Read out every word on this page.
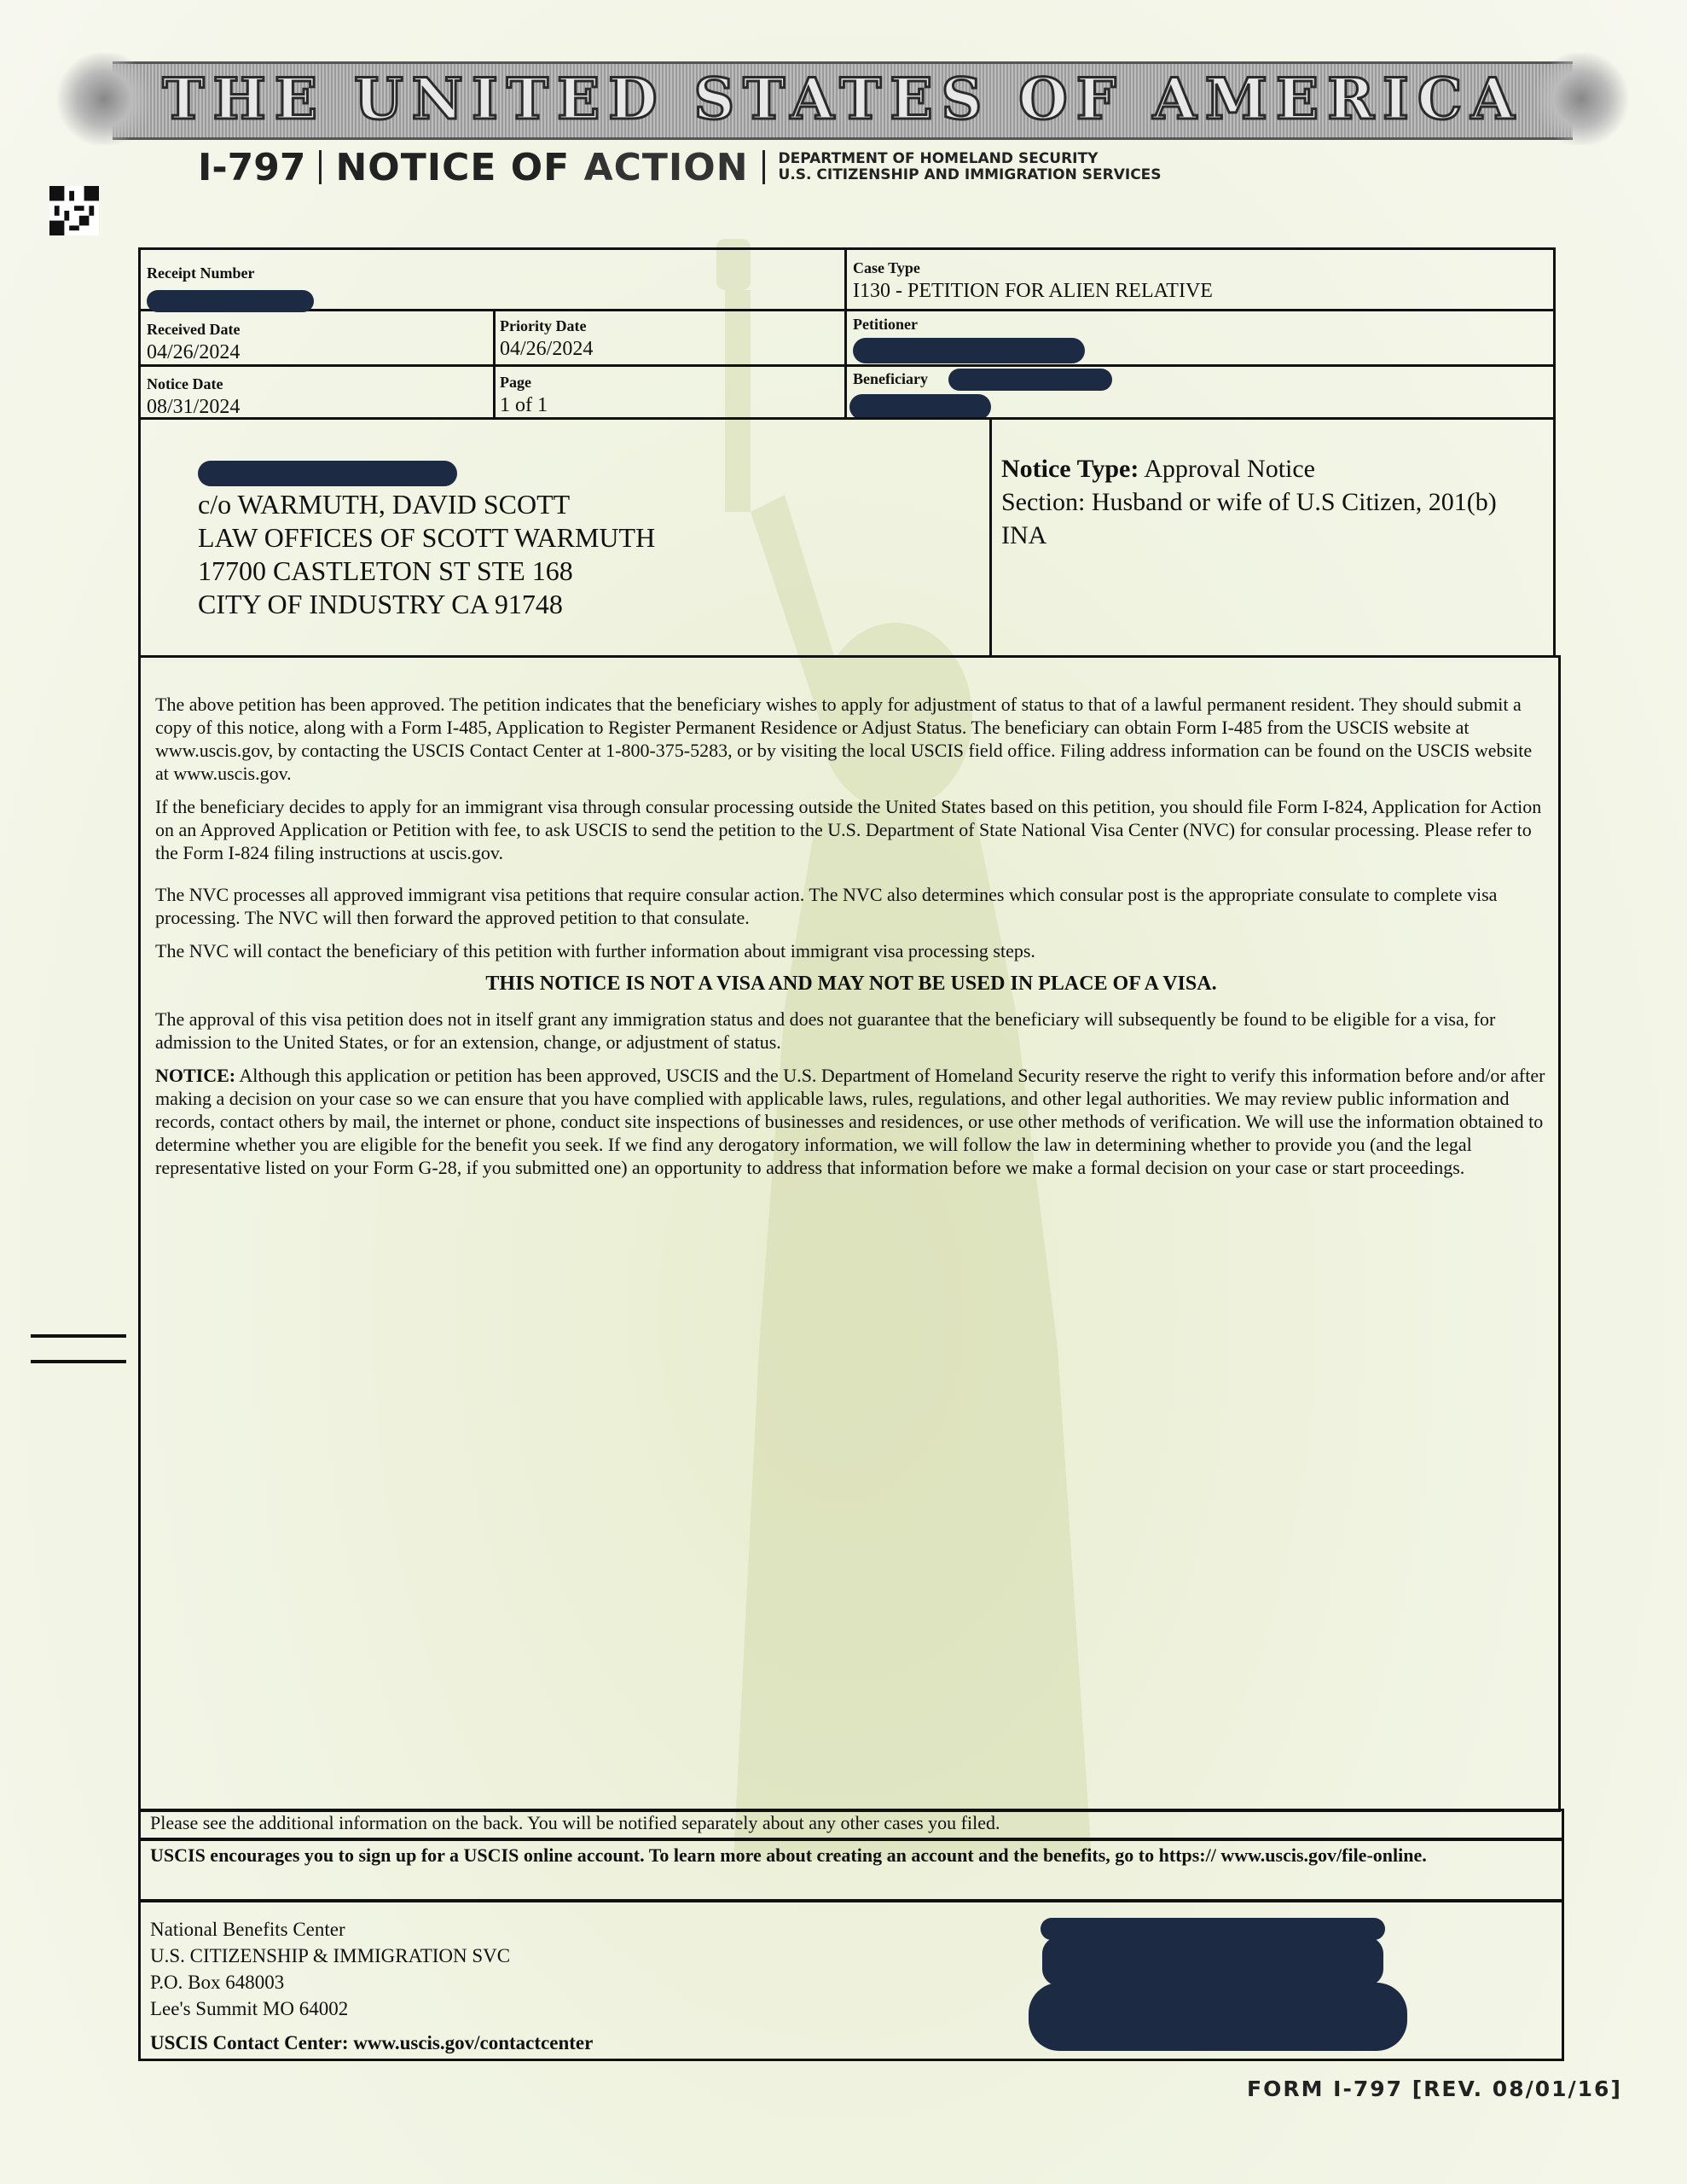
THE UNITED STATES OF AMERICA
I-797 NOTICE OF ACTION DEPARTMENT OF HOMELAND SECURITY
U.S. CITIZENSHIP AND IMMIGRATION SERVICES
Receipt Number	Case Type
I130 - PETITION FOR ALIEN RELATIVE
Received Date
04/26/2024
Priority Date
04/26/2024
Petitioner
Notice Date
08/31/2024
Page
1 of 1
Beneficiary
c/o WARMUTH, DAVID SCOTT
LAW OFFICES OF SCOTT WARMUTH
17700 CASTLETON ST STE 168
CITY OF INDUSTRY CA 91748
Notice Type: Approval Notice
Section: Husband or wife of U.S Citizen, 201(b)
INA

The above petition has been approved. The petition indicates that the beneficiary wishes to apply for adjustment of status to that of a lawful permanent resident. They should submit a copy of this notice, along with a Form I-485, Application to Register Permanent Residence or Adjust Status. The beneficiary can obtain Form I-485 from the USCIS website at www.uscis.gov, by contacting the USCIS Contact Center at 1-800-375-5283, or by visiting the local USCIS field office. Filing address information can be found on the USCIS website at www.uscis.gov.

If the beneficiary decides to apply for an immigrant visa through consular processing outside the United States based on this petition, you should file Form I-824, Application for Action on an Approved Application or Petition with fee, to ask USCIS to send the petition to the U.S. Department of State National Visa Center (NVC) for consular processing. Please refer to the Form I-824 filing instructions at uscis.gov.

The NVC processes all approved immigrant visa petitions that require consular action. The NVC also determines which consular post is the appropriate consulate to complete visa processing. The NVC will then forward the approved petition to that consulate.

The NVC will contact the beneficiary of this petition with further information about immigrant visa processing steps.

THIS NOTICE IS NOT A VISA AND MAY NOT BE USED IN PLACE OF A VISA.

The approval of this visa petition does not in itself grant any immigration status and does not guarantee that the beneficiary will subsequently be found to be eligible for a visa, for admission to the United States, or for an extension, change, or adjustment of status.

NOTICE: Although this application or petition has been approved, USCIS and the U.S. Department of Homeland Security reserve the right to verify this information before and/or after making a decision on your case so we can ensure that you have complied with applicable laws, rules, regulations, and other legal authorities. We may review public information and records, contact others by mail, the internet or phone, conduct site inspections of businesses and residences, or use other methods of verification. We will use the information obtained to determine whether you are eligible for the benefit you seek. If we find any derogatory information, we will follow the law in determining whether to provide you (and the legal representative listed on your Form G-28, if you submitted one) an opportunity to address that information before we make a formal decision on your case or start proceedings.

Please see the additional information on the back. You will be notified separately about any other cases you filed.
USCIS encourages you to sign up for a USCIS online account. To learn more about creating an account and the benefits, go to https:// www.uscis.gov/file-online.
National Benefits Center
U.S. CITIZENSHIP & IMMIGRATION SVC
P.O. Box 648003
Lee's Summit MO 64002
USCIS Contact Center: www.uscis.gov/contactcenter
FORM I-797 [REV. 08/01/16]
